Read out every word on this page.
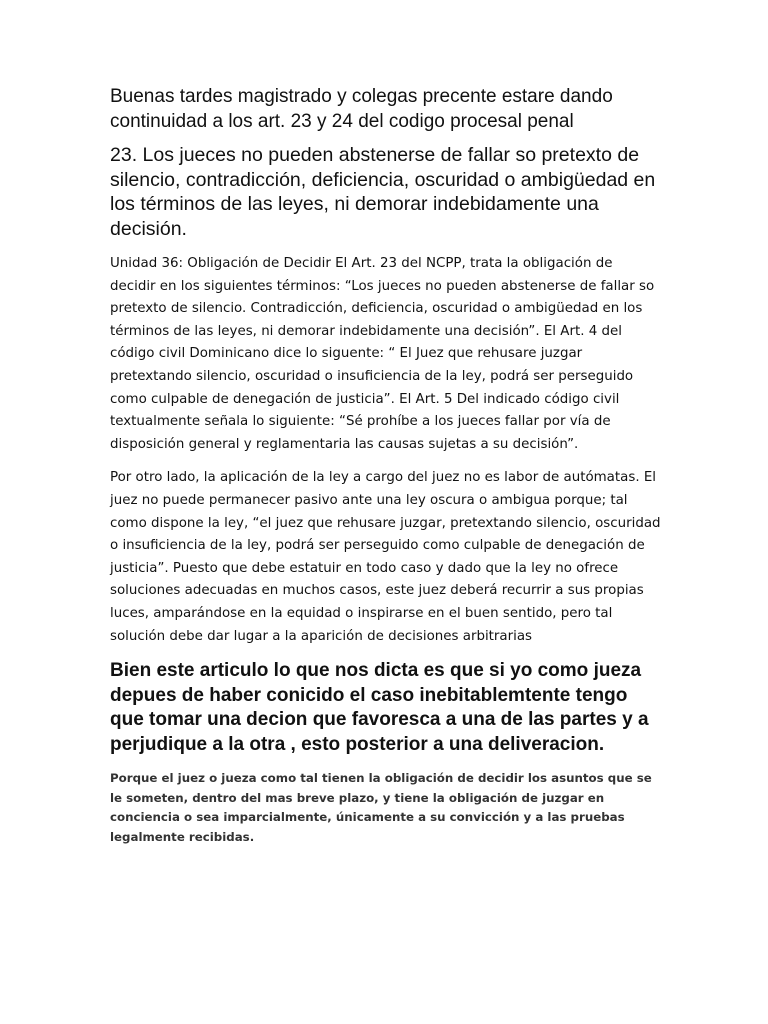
Buenas tardes magistrado y colegas precente estare dando continuidad a los art. 23 y 24 del codigo procesal penal

23. Los jueces no pueden abstenerse de fallar so pretexto de silencio, contradicción, deficiencia, oscuridad o ambigüedad en los términos de las leyes, ni demorar indebidamente una decisión.

Unidad 36: Obligación de Decidir El Art. 23 del NCPP, trata la obligación de decidir en los siguientes términos: “Los jueces no pueden abstenerse de fallar so pretexto de silencio. Contradicción, deficiencia, oscuridad o ambigüedad en los términos de las leyes, ni demorar indebidamente una decisión”. El Art. 4 del código civil Dominicano dice lo siguente: “ El Juez que rehusare juzgar pretextando silencio, oscuridad o insuficiencia de la ley, podrá ser perseguido como culpable de denegación de justicia”. El Art. 5 Del indicado código civil textualmente señala lo siguiente: “Sé prohíbe a los jueces fallar por vía de disposición general y reglamentaria las causas sujetas a su decisión”.

Por otro lado, la aplicación de la ley a cargo del juez no es labor de autómatas. El juez no puede permanecer pasivo ante una ley oscura o ambigua porque; tal como dispone la ley, “el juez que rehusare juzgar, pretextando silencio, oscuridad o insuficiencia de la ley, podrá ser perseguido como culpable de denegación de justicia”. Puesto que debe estatuir en todo caso y dado que la ley no ofrece soluciones adecuadas en muchos casos, este juez deberá recurrir a sus propias luces, amparándose en la equidad o inspirarse en el buen sentido, pero tal solución debe dar lugar a la aparición de decisiones arbitrarias

Bien este articulo lo que nos dicta es que si yo como jueza depues de haber conicido el caso inebitablemtente tengo que tomar una decion que favoresca a una de las partes y a perjudique a la otra , esto posterior a una deliveracion.

Porque el juez o jueza como tal tienen la obligación de decidir los asuntos que se le someten, dentro del mas breve plazo, y tiene la obligación de juzgar en conciencia o sea imparcialmente, únicamente a su convicción y a las pruebas legalmente recibidas.
